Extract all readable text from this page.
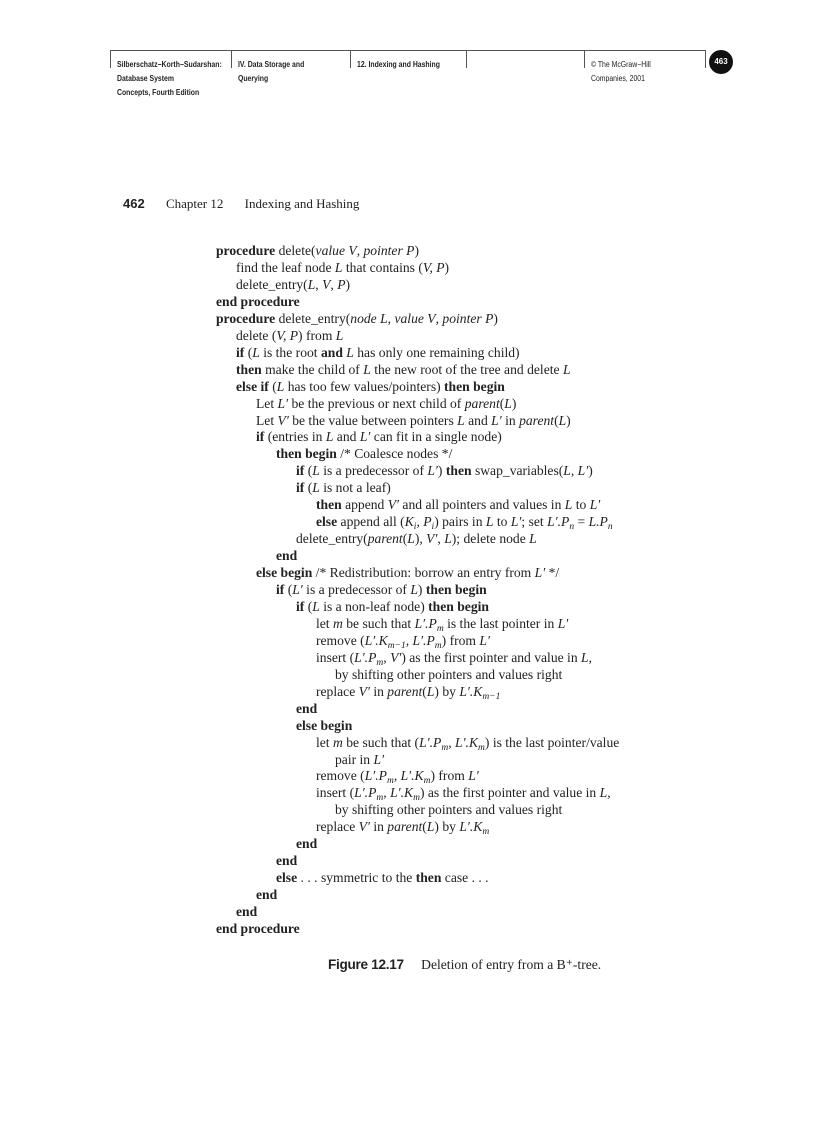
Silberschatz−Korth−Sudarshan:
Database System
Concepts, Fourth Edition
IV. Data Storage and
Querying
12. Indexing and Hashing	© The McGraw−Hill
Companies, 2001
463
462 Chapter 12 Indexing and Hashing
procedure delete(value V, pointer P)
find the leaf node L that contains (V, P)
delete_entry(L, V, P)
end procedure
procedure delete_entry(node L, value V, pointer P)
delete (V, P) from L
if (L is the root and L has only one remaining child)
then make the child of L the new root of the tree and delete L
else if (L has too few values/pointers) then begin
Let L′ be the previous or next child of parent(L)
Let V′ be the value between pointers L and L′ in parent(L)
if (entries in L and L′ can fit in a single node)
then begin /* Coalesce nodes */
if (L is a predecessor of L′) then swap_variables(L, L′)
if (L is not a leaf)
then append V′ and all pointers and values in L to L′
else append all ($K_i$, $P_i$) pairs in L to L′; set $L'.P_n = L.P_n$
delete_entry(parent(L), V′, L); delete node L
end
else begin /* Redistribution: borrow an entry from L′ */
if (L′ is a predecessor of L) then begin
if (L is a non-leaf node) then begin
let m be such that $L'.P_m$ is the last pointer in L′
remove ($L'.K_{m-1}$, $L'.P_m$) from L′
insert ($L'.P_m$, V′) as the first pointer and value in L,
by shifting other pointers and values right
replace V′ in parent(L) by $L'.K_{m-1}$
end
else begin
let m be such that ($L'.P_m$, $L'.K_m$) is the last pointer/value
pair in L′
remove ($L'.P_m$, $L'.K_m$) from L′
insert ($L'.P_m$, $L'.K_m$) as the first pointer and value in L,
by shifting other pointers and values right
replace V′ in parent(L) by $L'.K_m$
end
end
else . . . symmetric to the then case . . .
end
end
end procedure
Figure 12.17 Deletion of entry from a B⁺-tree.
